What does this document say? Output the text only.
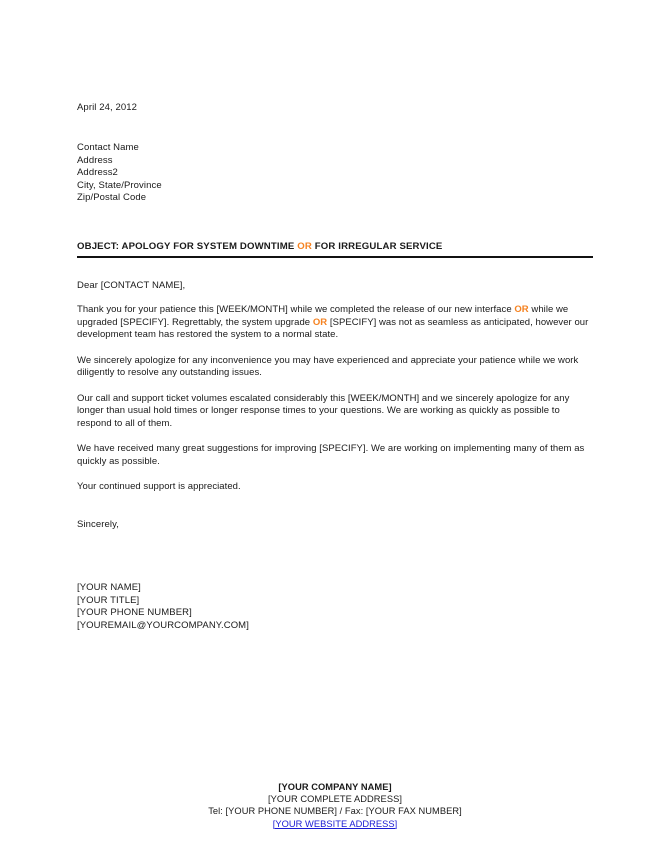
April 24, 2012
Contact Name
Address
Address2
City, State/Province
Zip/Postal Code
OBJECT: APOLOGY FOR SYSTEM DOWNTIME OR FOR IRREGULAR SERVICE
Dear [CONTACT NAME],

Thank you for your patience this [WEEK/MONTH] while we completed the release of our new interface OR while we upgraded [SPECIFY]. Regrettably, the system upgrade OR [SPECIFY] was not as seamless as anticipated, however our development team has restored the system to a normal state.

We sincerely apologize for any inconvenience you may have experienced and appreciate your patience while we work diligently to resolve any outstanding issues.

Our call and support ticket volumes escalated considerably this [WEEK/MONTH] and we sincerely apologize for any longer than usual hold times or longer response times to your questions. We are working as quickly as possible to respond to all of them.

We have received many great suggestions for improving [SPECIFY]. We are working on implementing many of them as quickly as possible.

Your continued support is appreciated.

Sincerely,
[YOUR NAME]
[YOUR TITLE]
[YOUR PHONE NUMBER]
[YOUREMAIL@YOURCOMPANY.COM]
[YOUR COMPANY NAME]
[YOUR COMPLETE ADDRESS]
Tel: [YOUR PHONE NUMBER] / Fax: [YOUR FAX NUMBER]
[YOUR WEBSITE ADDRESS]
